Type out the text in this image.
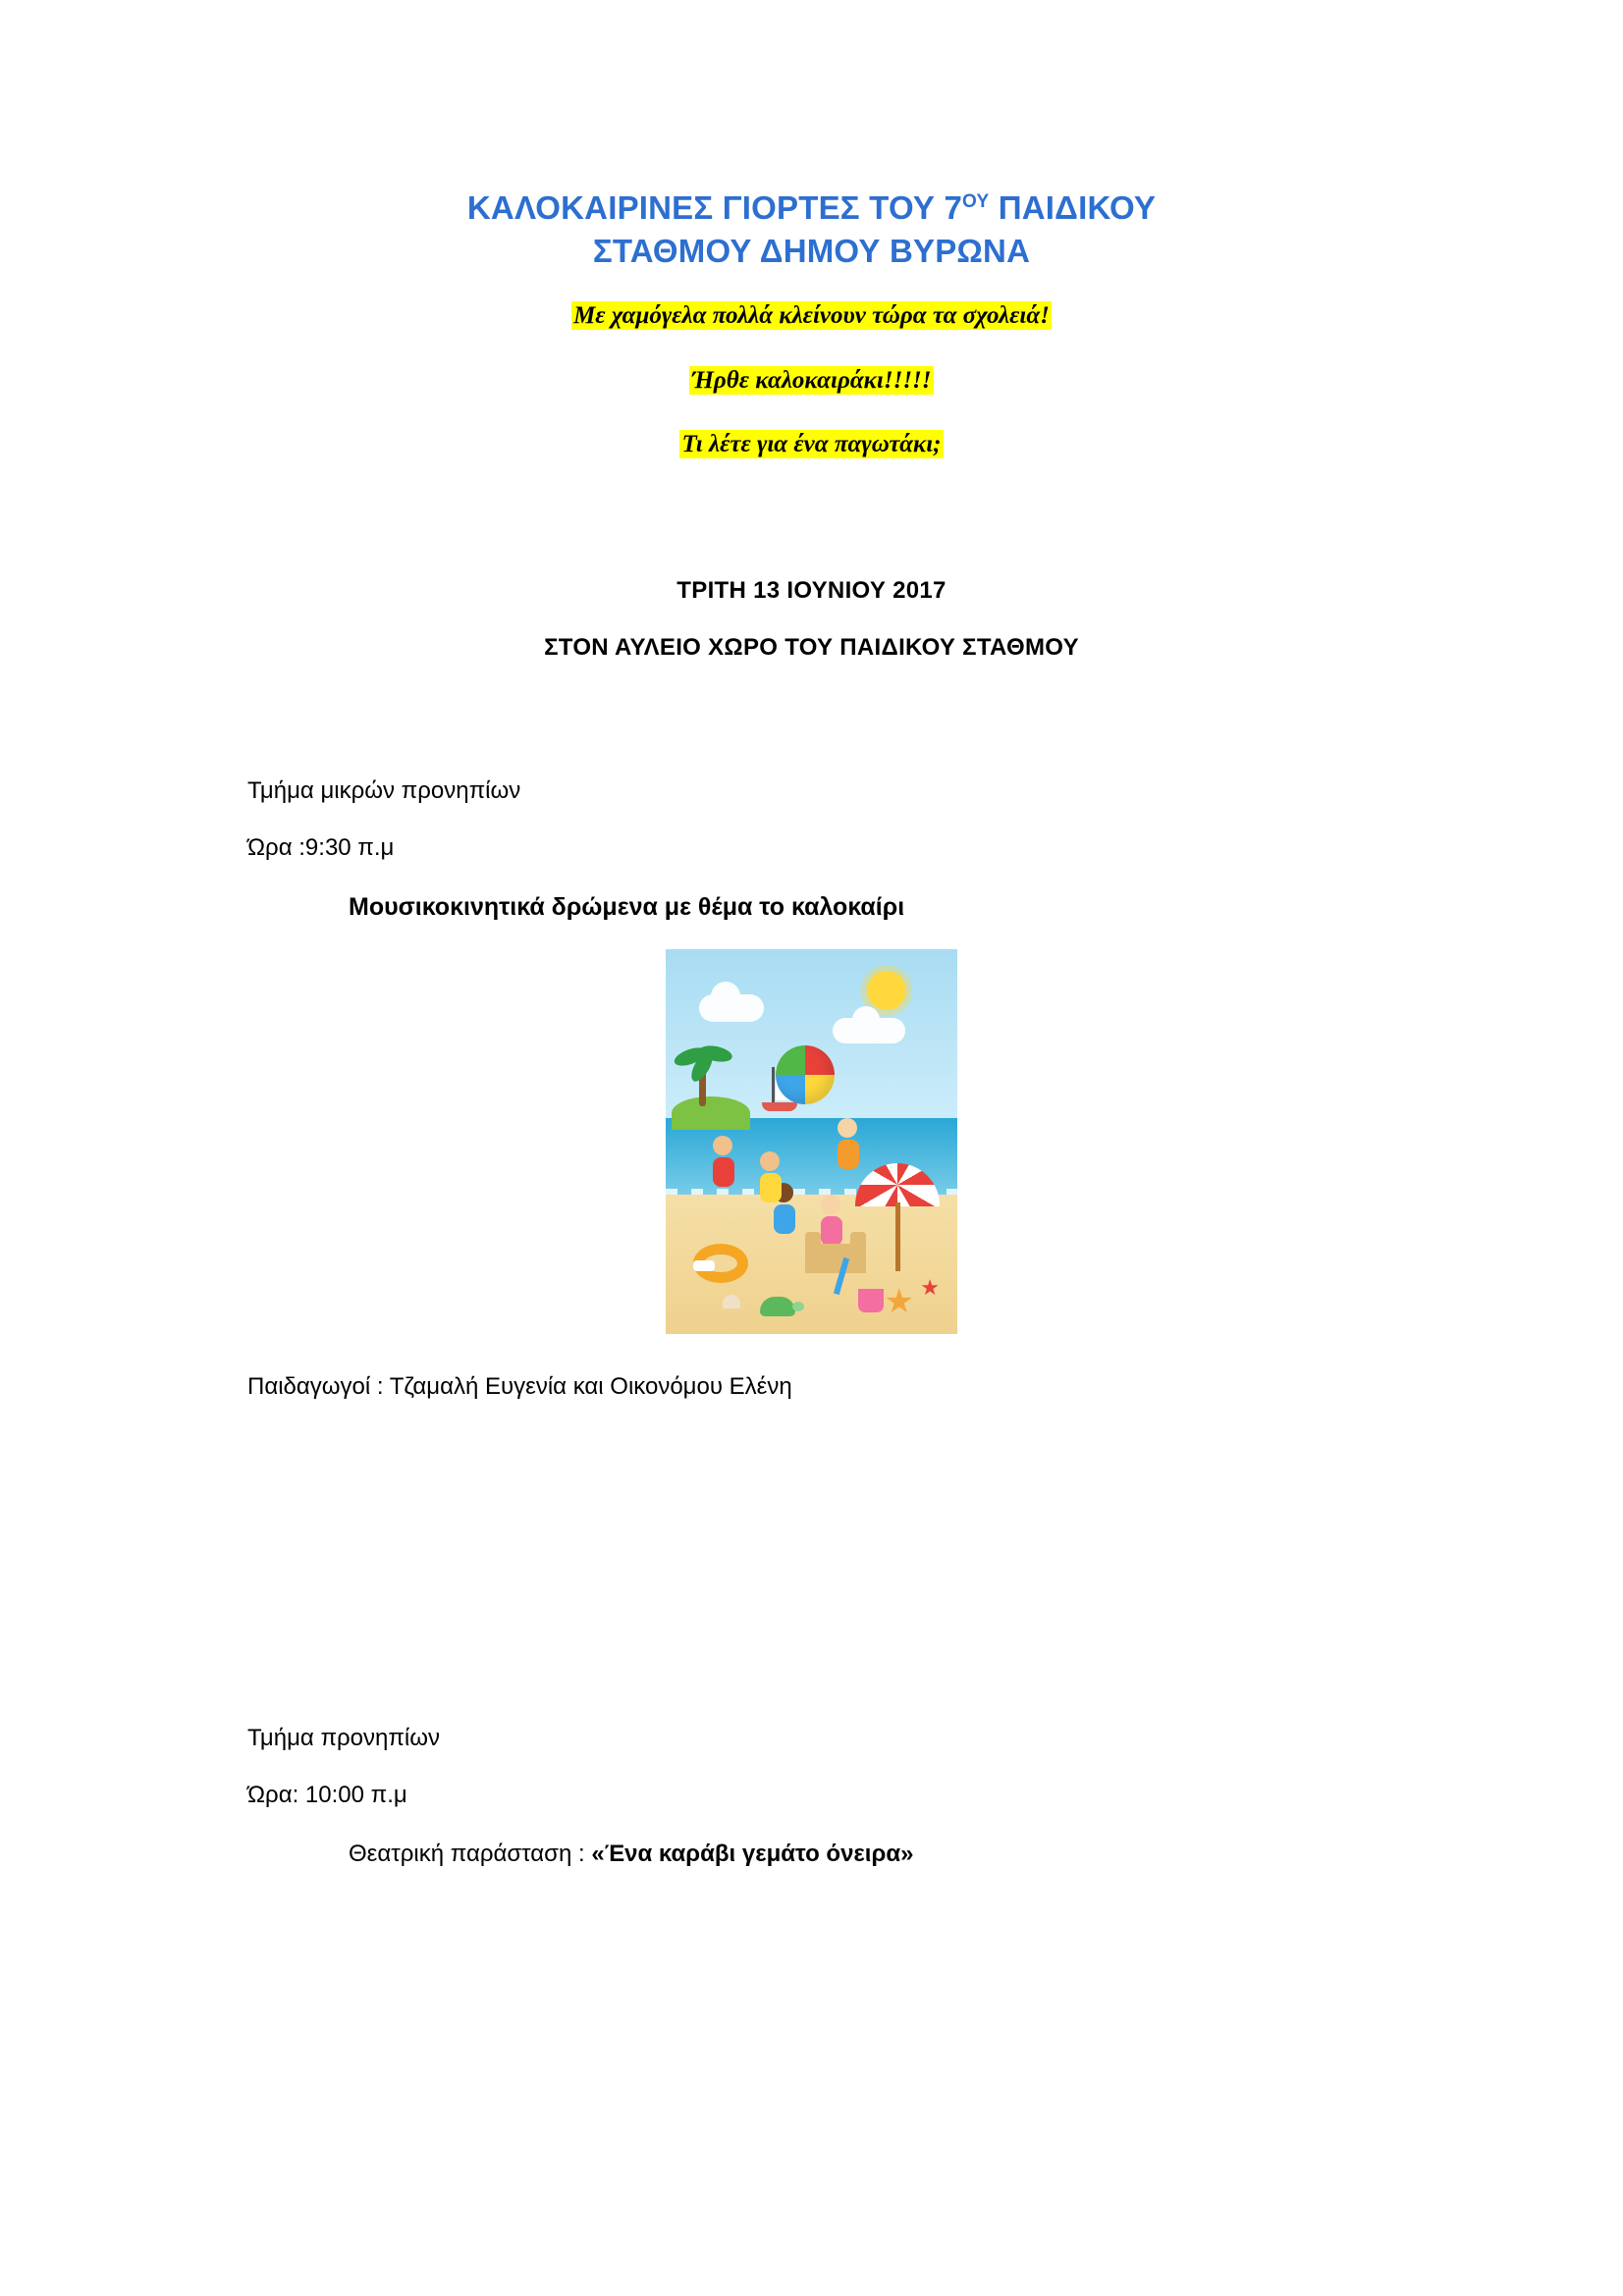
ΚΑΛΟΚΑΙΡΙΝΕΣ ΓΙΟΡΤΕΣ ΤΟΥ $7^{O\Upsilon}$ ΠΑΙΔΙΚΟΥ
ΣΤΑΘΜΟΥ ΔΗΜΟΥ ΒΥΡΩΝΑ
Με χαμόγελα πολλά κλείνουν τώρα τα σχολειά!
Ήρθε καλοκαιράκι!!!!!
Τι λέτε για ένα παγωτάκι;
ΤΡΙΤΗ 13 ΙΟΥΝΙΟΥ 2017
ΣΤΟΝ ΑΥΛΕΙΟ ΧΩΡΟ ΤΟΥ ΠΑΙΔΙΚΟΥ ΣΤΑΘΜΟΥ
Τμήμα μικρών προνηπίων
Ώρα :9:30 π.μ
Μουσικοκινητικά δρώμενα με θέμα το καλοκαίρι
★ ★
Παιδαγωγοί : Τζαμαλή Ευγενία και Οικονόμου Ελένη
Τμήμα προνηπίων
Ώρα: 10:00 π.μ
Θεατρική παράσταση : «Ένα καράβι γεμάτο όνειρα»
